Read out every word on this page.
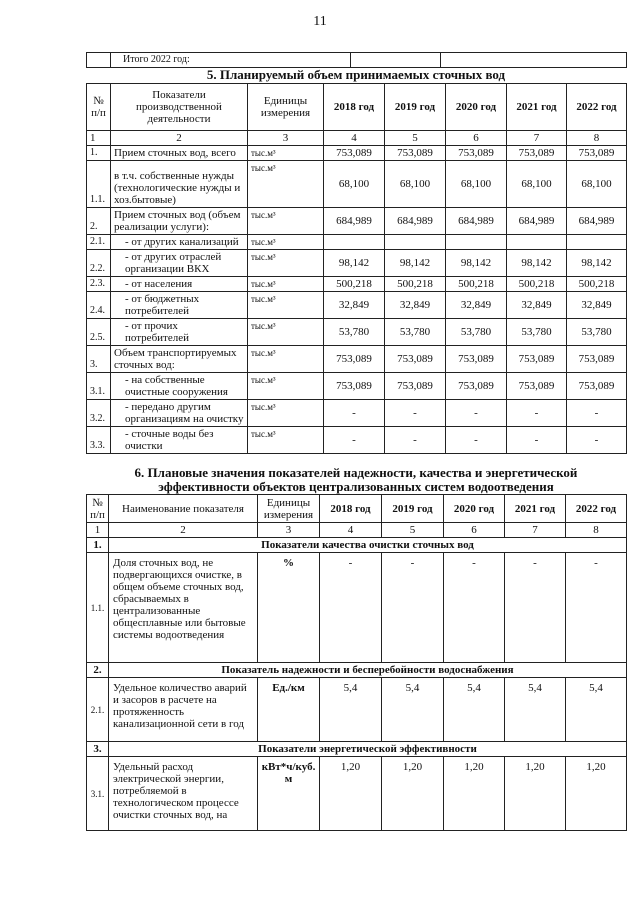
11
	Итого 2022 год:		
5. Планируемый объем принимаемых сточных вод
№ п/п	Показатели производственной деятельности	Единицы измерения	2018 год	2019 год	2020 год	2021 год	2022 год
1	2	3	4	5	6	7	8
1.	Прием сточных вод, всего	тыс.м³	753,089	753,089	753,089	753,089	753,089
1.1.	в т.ч. собственные нужды (технологические нужды и хоз.бытовые)	тыс.м³	68,100	68,100	68,100	68,100	68,100
2.	Прием сточных вод (объем реализации услуги):	тыс.м³	684,989	684,989	684,989	684,989	684,989
2.1.	- от других канализаций	тыс.м³					
2.2.	- от других отраслей организации ВКХ	тыс.м³	98,142	98,142	98,142	98,142	98,142
2.3.	- от населения	тыс.м³	500,218	500,218	500,218	500,218	500,218
2.4.	- от бюджетных потребителей	тыс.м³	32,849	32,849	32,849	32,849	32,849
2.5.	- от прочих потребителей	тыс.м³	53,780	53,780	53,780	53,780	53,780
3.	Объем транспортируемых сточных вод:	тыс.м³	753,089	753,089	753,089	753,089	753,089
3.1.	- на собственные очистные сооружения	тыс.м³	753,089	753,089	753,089	753,089	753,089
3.2.	- передано другим организациям на очистку	тыс.м³	-	-	-	-	-
3.3.	- сточные воды без очистки	тыс.м³	-	-	-	-	-
6. Плановые значения показателей надежности, качества и энергетической
эффективности объектов централизованных систем водоотведения
№ п/п	Наименование показателя	Единицы измерения	2018 год	2019 год	2020 год	2021 год	2022 год
1	2	3	4	5	6	7	8
1.	Показатели качества очистки сточных вод						
1.1.	Доля сточных вод, не подвергающихся очистке, в общем объеме сточных вод, сбрасываемых в централизованные общесплавные или бытовые системы водоотведения	%	-	-	-	-	-
2.	Показатель надежности и бесперебойности водоснабжения						
2.1.	Удельное количество аварий и засоров в расчете на протяженность канализационной сети в год	Ед./км	5,4	5,4	5,4	5,4	5,4
3.	Показатели энергетической эффективности						
3.1.	Удельный расход электрической энергии, потребляемой в технологическом процессе очистки сточных вод, на	кВт*ч/куб. м	1,20	1,20	1,20	1,20	1,20
